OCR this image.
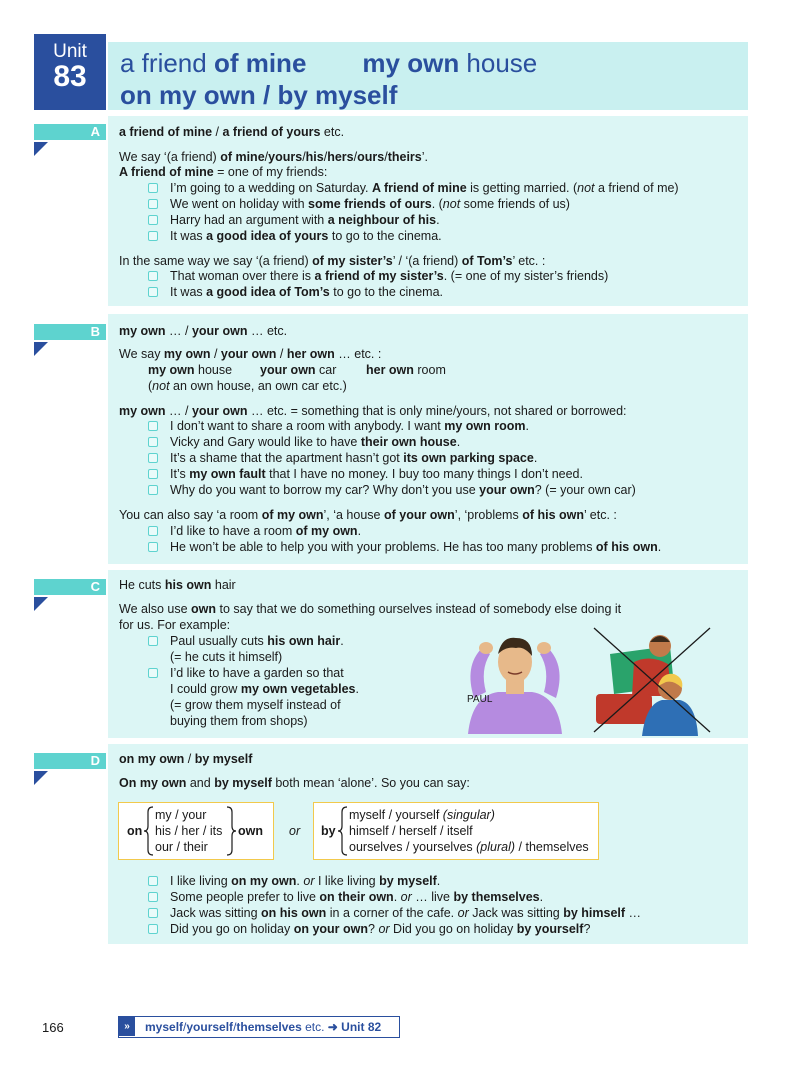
Unit
83	a friend of mine my own house
on my own / by myself
A	a friend of mine / a friend of yours etc.
We say ‘(a friend) of mine/yours/his/hers/ours/theirs’.
A friend of mine = one of my friends:
I’m going to a wedding on Saturday. A friend of mine is getting married. (not a friend of me)
We went on holiday with some friends of ours. (not some friends of us)
Harry had an argument with a neighbour of his.
It was a good idea of yours to go to the cinema.
In the same way we say ‘(a friend) of my sister’s’ / ‘(a friend) of Tom’s’ etc. :
That woman over there is a friend of my sister’s. (= one of my sister’s friends)
It was a good idea of Tom’s to go to the cinema.
B	my own … / your own … etc.
We say my own / your own / her own … etc. :
my own house your own car her own room
(not an own house, an own car etc.)
my own … / your own … etc. = something that is only mine/yours, not shared or borrowed:
I don’t want to share a room with anybody. I want my own room.
Vicky and Gary would like to have their own house.
It’s a shame that the apartment hasn’t got its own parking space.
It’s my own fault that I have no money. I buy too many things I don’t need.
Why do you want to borrow my car? Why don’t you use your own? (= your own car)
You can also say ‘a room of my own’, ‘a house of your own’, ‘problems of his own’ etc. :
I’d like to have a room of my own.
He won’t be able to help you with your problems. He has too many problems of his own.
C	He cuts his own hair
We also use own to say that we do something ourselves instead of somebody else doing it
for us. For example:
Paul usually cuts his own hair.
(= he cuts it himself)
I’d like to have a garden so that
I could grow my own vegetables.
(= grow them myself instead of
buying them from shops)
PAUL
D	on my own / by myself
On my own and by myself both mean ‘alone’. So you can say:
on
my / your
his / her / its
our / their
own or by
myself / yourself (singular)
himself / herself / itself
ourselves / yourselves (plural) / themselves
I like living on my own. or I like living by myself.
Some people prefer to live on their own. or … live by themselves.
Jack was sitting on his own in a corner of the cafe. or Jack was sitting by himself …
Did you go on holiday on your own? or Did you go on holiday by yourself?
166	»	myself/yourself/themselves etc. ➜ Unit 82
